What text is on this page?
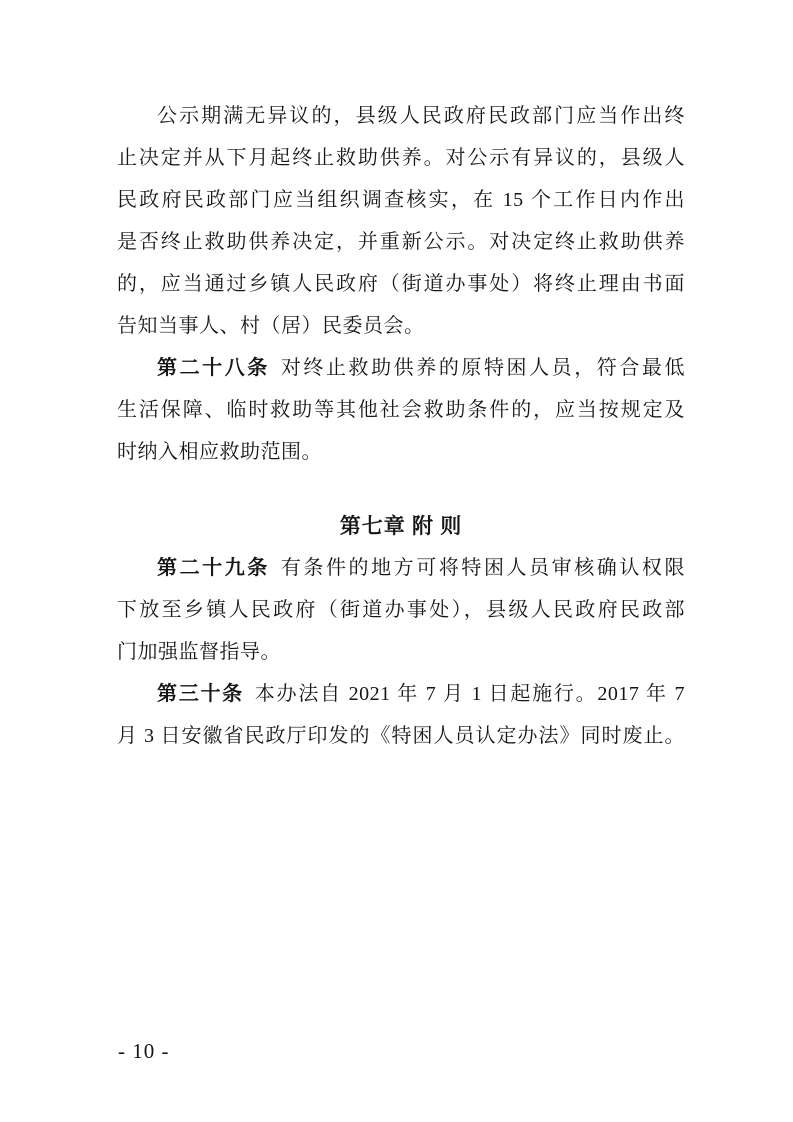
公示期满无异议的，县级人民政府民政部门应当作出终
止决定并从下月起终止救助供养。对公示有异议的，县级人
民政府民政部门应当组织调查核实，在 15 个工作日内作出
是否终止救助供养决定，并重新公示。对决定终止救助供养
的，应当通过乡镇人民政府（街道办事处）将终止理由书面
告知当事人、村（居）民委员会。
第二十八条 对终止救助供养的原特困人员，符合最低
生活保障、临时救助等其他社会救助条件的，应当按规定及
时纳入相应救助范围。
第七章 附 则
第二十九条 有条件的地方可将特困人员审核确认权限
下放至乡镇人民政府（街道办事处），县级人民政府民政部
门加强监督指导。
第三十条 本办法自 2021 年 7 月 1 日起施行。2017 年 7
月 3 日安徽省民政厅印发的《特困人员认定办法》同时废止。
- 10 -
